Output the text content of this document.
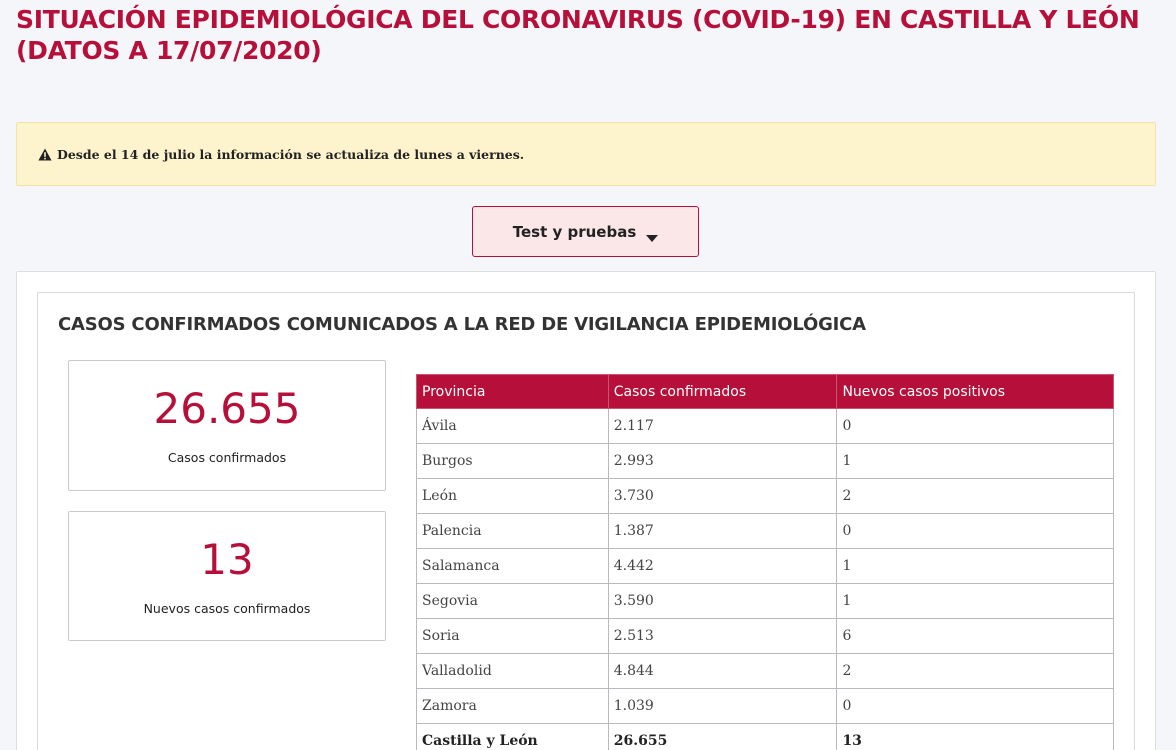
SITUACIÓN EPIDEMIOLÓGICA DEL CORONAVIRUS (COVID-19) EN CASTILLA Y LEÓN (DATOS A 17/07/2020)
Desde el 14 de julio la información se actualiza de lunes a viernes.
Test y pruebas
CASOS CONFIRMADOS COMUNICADOS A LA RED DE VIGILANCIA EPIDEMIOLÓGICA
26.655
Casos confirmados
13
Nuevos casos confirmados
Provincia	Casos confirmados	Nuevos casos positivos
Ávila	2.117	0
Burgos	2.993	1
León	3.730	2
Palencia	1.387	0
Salamanca	4.442	1
Segovia	3.590	1
Soria	2.513	6
Valladolid	4.844	2
Zamora	1.039	0
Castilla y León	26.655	13
